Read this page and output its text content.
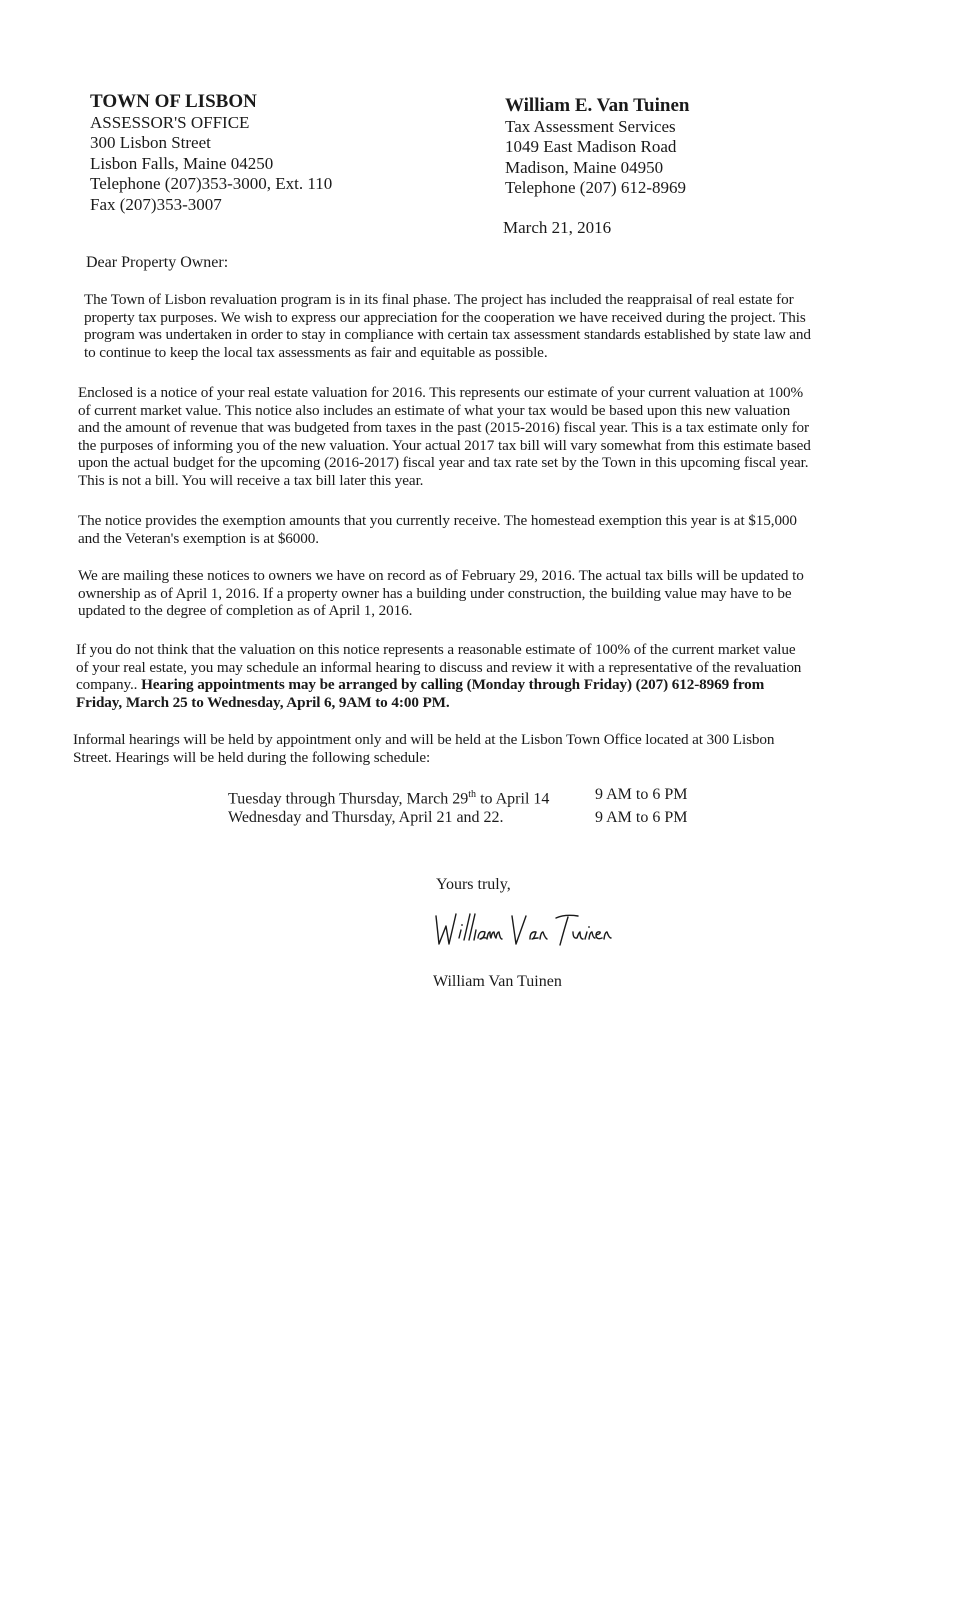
TOWN OF LISBON
ASSESSOR'S OFFICE
300 Lisbon Street
Lisbon Falls, Maine 04250
Telephone (207)353-3000, Ext. 110
Fax (207)353-3007
William E. Van Tuinen
Tax Assessment Services
1049 East Madison Road
Madison, Maine 04950
Telephone (207) 612-8969
March 21, 2016
Dear Property Owner:

The Town of Lisbon revaluation program is in its final phase. The project has included the reappraisal of real estate for property tax purposes. We wish to express our appreciation for the cooperation we have received during the project. This program was undertaken in order to stay in compliance with certain tax assessment standards established by state law and to continue to keep the local tax assessments as fair and equitable as possible.

Enclosed is a notice of your real estate valuation for 2016. This represents our estimate of your current valuation at 100% of current market value. This notice also includes an estimate of what your tax would be based upon this new valuation and the amount of revenue that was budgeted from taxes in the past (2015-2016) fiscal year. This is a tax estimate only for the purposes of informing you of the new valuation. Your actual 2017 tax bill will vary somewhat from this estimate based upon the actual budget for the upcoming (2016-2017) fiscal year and tax rate set by the Town in this upcoming fiscal year. This is not a bill. You will receive a tax bill later this year.

The notice provides the exemption amounts that you currently receive. The homestead exemption this year is at $15,000 and the Veteran's exemption is at $6000.

We are mailing these notices to owners we have on record as of February 29, 2016. The actual tax bills will be updated to ownership as of April 1, 2016. If a property owner has a building under construction, the building value may have to be updated to the degree of completion as of April 1, 2016.

If you do not think that the valuation on this notice represents a reasonable estimate of 100% of the current market value of your real estate, you may schedule an informal hearing to discuss and review it with a representative of the revaluation company.. Hearing appointments may be arranged by calling (Monday through Friday) (207) 612-8969 from Friday, March 25 to Wednesday, April 6, 9AM to 4:00 PM.

Informal hearings will be held by appointment only and will be held at the Lisbon Town Office located at 300 Lisbon Street. Hearings will be held during the following schedule:

Tuesday through Thursday, March 29th to April 14	9 AM to 6 PM
Wednesday and Thursday, April 21 and 22.	9 AM to 6 PM
Yours truly,
William Van Tuinen
